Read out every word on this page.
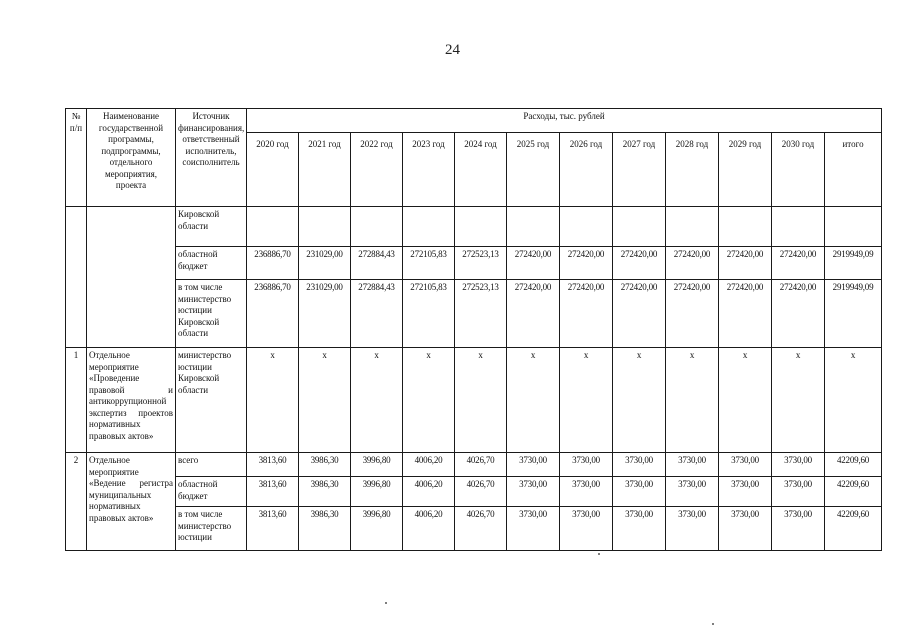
24
№ п/п	Наименование государственной программы, подпрограммы, отдельного мероприятия, проекта	Источник финансирования, ответственный исполнитель, соисполнитель	Расходы, тыс. рублей											
			2020 год	2021 год	2022 год	2023 год	2024 год	2025 год	2026 год	2027 год	2028 год	2029 год	2030 год	итого
		Кировской области												
		областной бюджет	236886,70	231029,00	272884,43	272105,83	272523,13	272420,00	272420,00	272420,00	272420,00	272420,00	272420,00	2919949,09
		в том числе министерство юстиции Кировской области	236886,70	231029,00	272884,43	272105,83	272523,13	272420,00	272420,00	272420,00	272420,00	272420,00	272420,00	2919949,09
1	Отдельное мероприятие «Проведение правовой и антикоррупционной экспертиз проектов нормативных правовых актов»	министерство юстиции Кировской области	x	x	x	x	x	x	x	x	x	x	x	x
2	Отдельное мероприятие «Ведение регистра муниципальных нормативных правовых актов»	всего	3813,60	3986,30	3996,80	4006,20	4026,70	3730,00	3730,00	3730,00	3730,00	3730,00	3730,00	42209,60
		областной бюджет	3813,60	3986,30	3996,80	4006,20	4026,70	3730,00	3730,00	3730,00	3730,00	3730,00	3730,00	42209,60
		в том числе министерство юстиции	3813,60	3986,30	3996,80	4006,20	4026,70	3730,00	3730,00	3730,00	3730,00	3730,00	3730,00	42209,60
